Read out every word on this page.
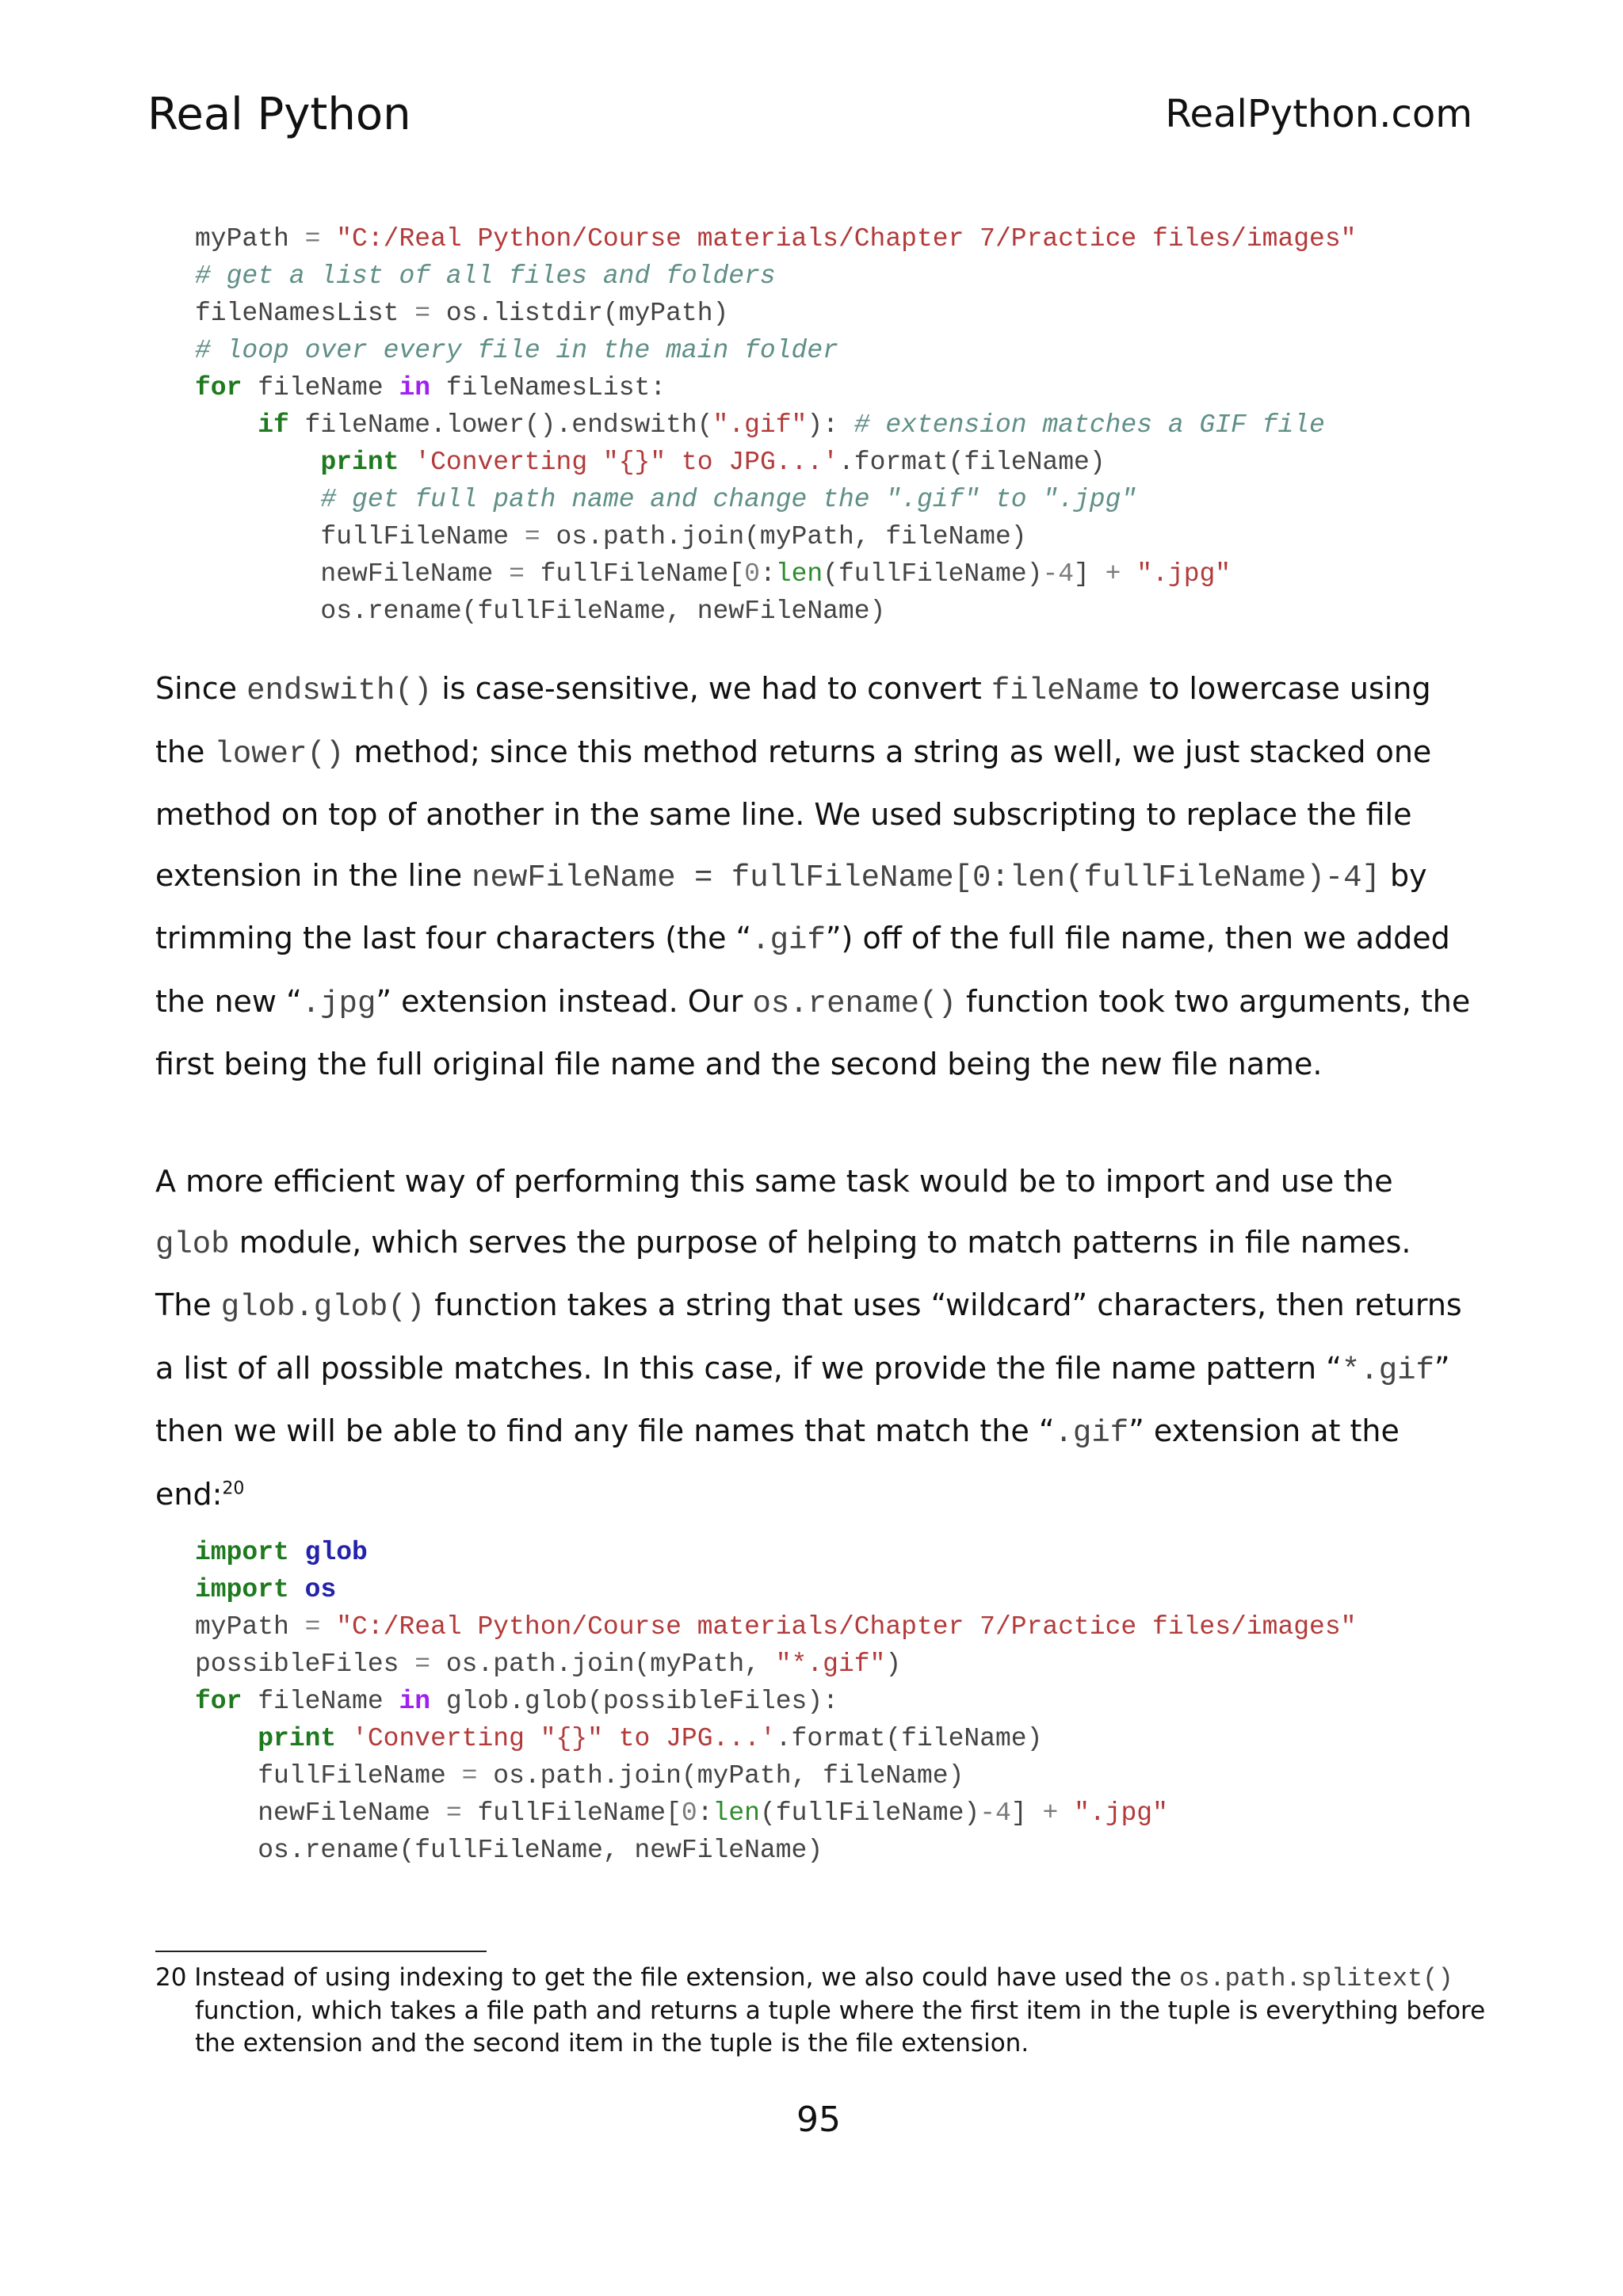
Real Python	RealPython.com
myPath = "C:/Real Python/Course materials/Chapter 7/Practice files/images"
# get a list of all files and folders
fileNamesList = os.listdir(myPath)
# loop over every file in the main folder
for fileName in fileNamesList:
if fileName.lower().endswith(".gif"): # extension matches a GIF file
print 'Converting "{}" to JPG...'.format(fileName)
# get full path name and change the ".gif" to ".jpg"
fullFileName = os.path.join(myPath, fileName)
newFileName = fullFileName[0:len(fullFileName)-4] + ".jpg"
os.rename(fullFileName, newFileName)

Since endswith() is case-sensitive, we had to convert fileName to lowercase using the lower() method; since this method returns a string as well, we just stacked one method on top of another in the same line. We used subscripting to replace the file extension in the line newFileName = fullFileName[0:len(fullFileName)-4] by trimming the last four characters (the “.gif”) off of the full file name, then we added the new “.jpg” extension instead. Our os.rename() function took two arguments, the first being the full original file name and the second being the new file name.

A more efficient way of performing this same task would be to import and use the glob module, which serves the purpose of helping to match patterns in file names. The glob.glob() function takes a string that uses “wildcard” characters, then returns a list of all possible matches. In this case, if we provide the file name pattern “*.gif” then we will be able to find any file names that match the “.gif” extension at the end:$^{20}$

import glob
import os
myPath = "C:/Real Python/Course materials/Chapter 7/Practice files/images"
possibleFiles = os.path.join(myPath, "*.gif")
for fileName in glob.glob(possibleFiles):
print 'Converting "{}" to JPG...'.format(fileName)
fullFileName = os.path.join(myPath, fileName)
newFileName = fullFileName[0:len(fullFileName)-4] + ".jpg"
os.rename(fullFileName, newFileName)

20 Instead of using indexing to get the file extension, we also could have used the os.path.splitext() function, which takes a file path and returns a tuple where the first item in the tuple is everything before the extension and the second item in the tuple is the file extension.

95
